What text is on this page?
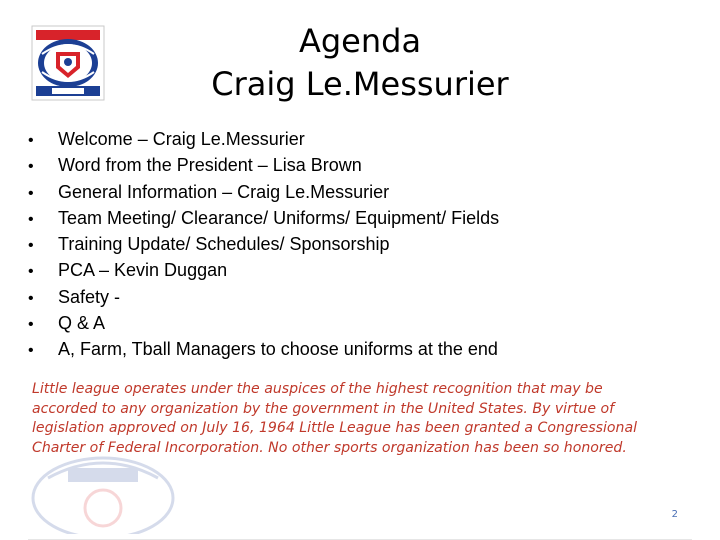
Agenda
Craig Le.Messurier
•	Welcome – Craig Le.Messurier
•	Word from the President – Lisa Brown
•	General Information – Craig Le.Messurier
•	Team Meeting/ Clearance/ Uniforms/ Equipment/ Fields
•	Training Update/ Schedules/ Sponsorship
•	PCA – Kevin Duggan
•	Safety -
•	Q & A
•	A, Farm, Tball Managers to choose uniforms at the end

Little league operates under the auspices of the highest recognition that may be accorded to any organization by the government in the United States. By virtue of legislation approved on July 16, 1964 Little League has been granted a Congressional Charter of Federal Incorporation. No other sports organization has been so honored.

2
